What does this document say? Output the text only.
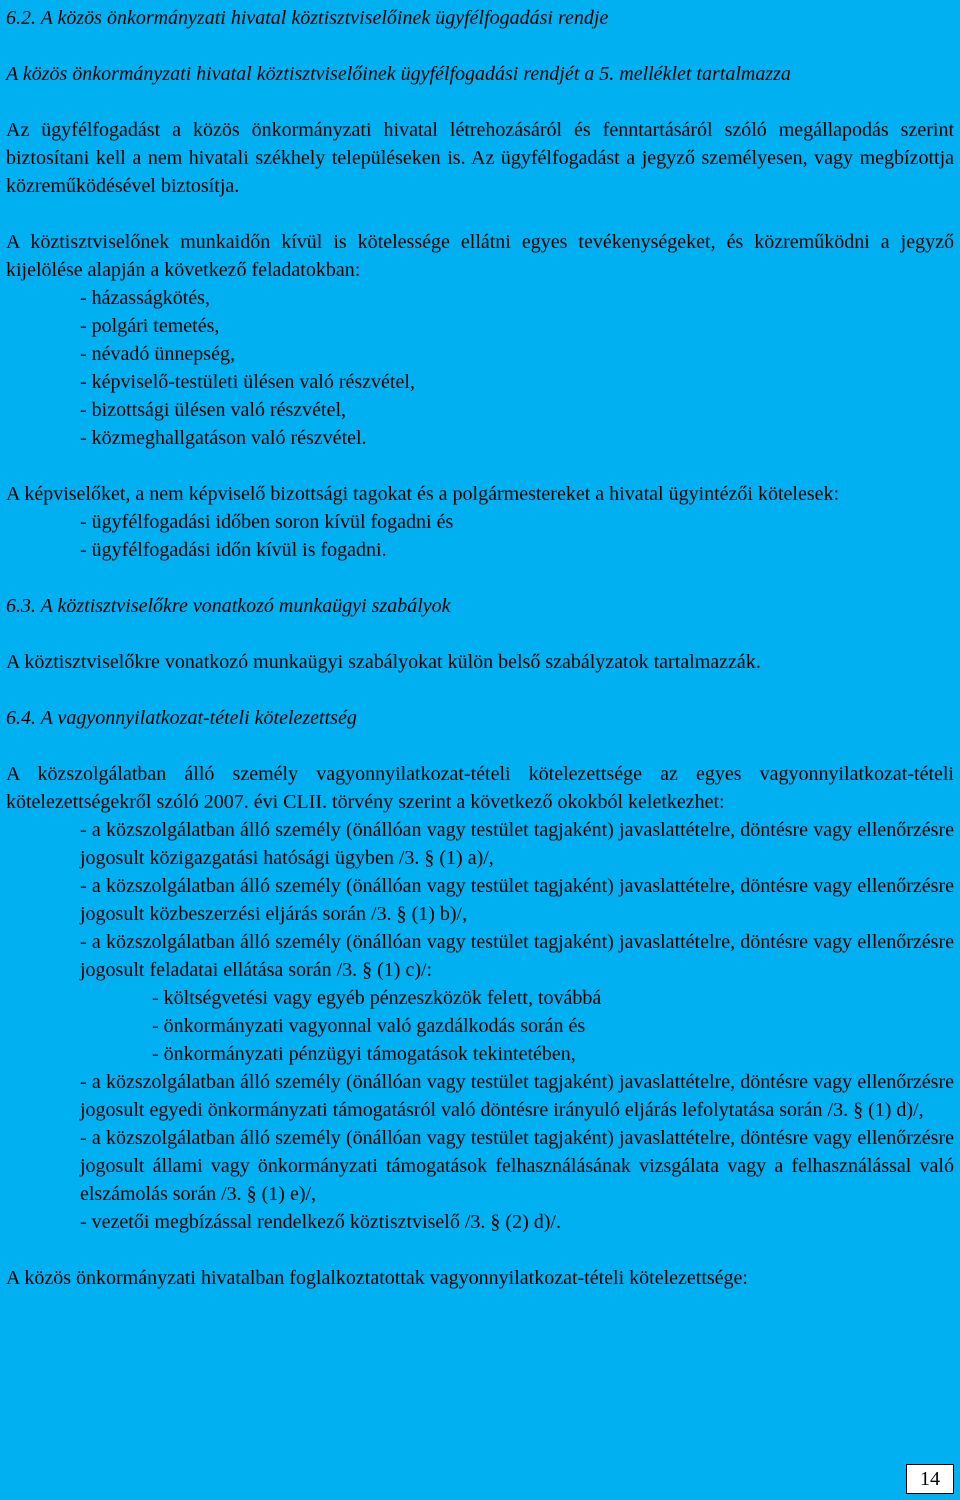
6.2. A közös önkormányzati hivatal köztisztviselőinek ügyfélfogadási rendje

A közös önkormányzati hivatal köztisztviselőinek ügyfélfogadási rendjét a 5. melléklet tartalmazza

Az ügyfélfogadást a közös önkormányzati hivatal létrehozásáról és fenntartásáról szóló megállapodás szerint biztosítani kell a nem hivatali székhely településeken is. Az ügyfélfogadást a jegyző személyesen, vagy megbízottja közreműködésével biztosítja.

A köztisztviselőnek munkaidőn kívül is kötelessége ellátni egyes tevékenységeket, és közreműködni a jegyző kijelölése alapján a következő feladatokban:

- házasságkötés,

- polgári temetés,

- névadó ünnepség,

- képviselő-testületi ülésen való részvétel,

- bizottsági ülésen való részvétel,

- közmeghallgatáson való részvétel.

A képviselőket, a nem képviselő bizottsági tagokat és a polgármestereket a hivatal ügyintézői kötelesek:

- ügyfélfogadási időben soron kívül fogadni és

- ügyfélfogadási időn kívül is fogadni.

6.3. A köztisztviselőkre vonatkozó munkaügyi szabályok

A köztisztviselőkre vonatkozó munkaügyi szabályokat külön belső szabályzatok tartalmazzák.

6.4. A vagyonnyilatkozat-tételi kötelezettség

A közszolgálatban álló személy vagyonnyilatkozat-tételi kötelezettsége az egyes vagyonnyilatkozat-tételi kötelezettségekről szóló 2007. évi CLII. törvény szerint a következő okokból keletkezhet:

- a közszolgálatban álló személy (önállóan vagy testület tagjaként) javaslattételre, döntésre vagy ellenőrzésre jogosult közigazgatási hatósági ügyben /3. § (1) a)/,

- a közszolgálatban álló személy (önállóan vagy testület tagjaként) javaslattételre, döntésre vagy ellenőrzésre jogosult közbeszerzési eljárás során /3. § (1) b)/,

- a közszolgálatban álló személy (önállóan vagy testület tagjaként) javaslattételre, döntésre vagy ellenőrzésre jogosult feladatai ellátása során /3. § (1) c)/:

- költségvetési vagy egyéb pénzeszközök felett, továbbá

- önkormányzati vagyonnal való gazdálkodás során és

- önkormányzati pénzügyi támogatások tekintetében,

- a közszolgálatban álló személy (önállóan vagy testület tagjaként) javaslattételre, döntésre vagy ellenőrzésre jogosult egyedi önkormányzati támogatásról való döntésre irányuló eljárás lefolytatása során /3. § (1) d)/,

- a közszolgálatban álló személy (önállóan vagy testület tagjaként) javaslattételre, döntésre vagy ellenőrzésre jogosult állami vagy önkormányzati támogatások felhasználásának vizsgálata vagy a felhasználással való elszámolás során /3. § (1) e)/,

- vezetői megbízással rendelkező köztisztviselő /3. § (2) d)/.

A közös önkormányzati hivatalban foglalkoztatottak vagyonnyilatkozat-tételi kötelezettsége:

14
